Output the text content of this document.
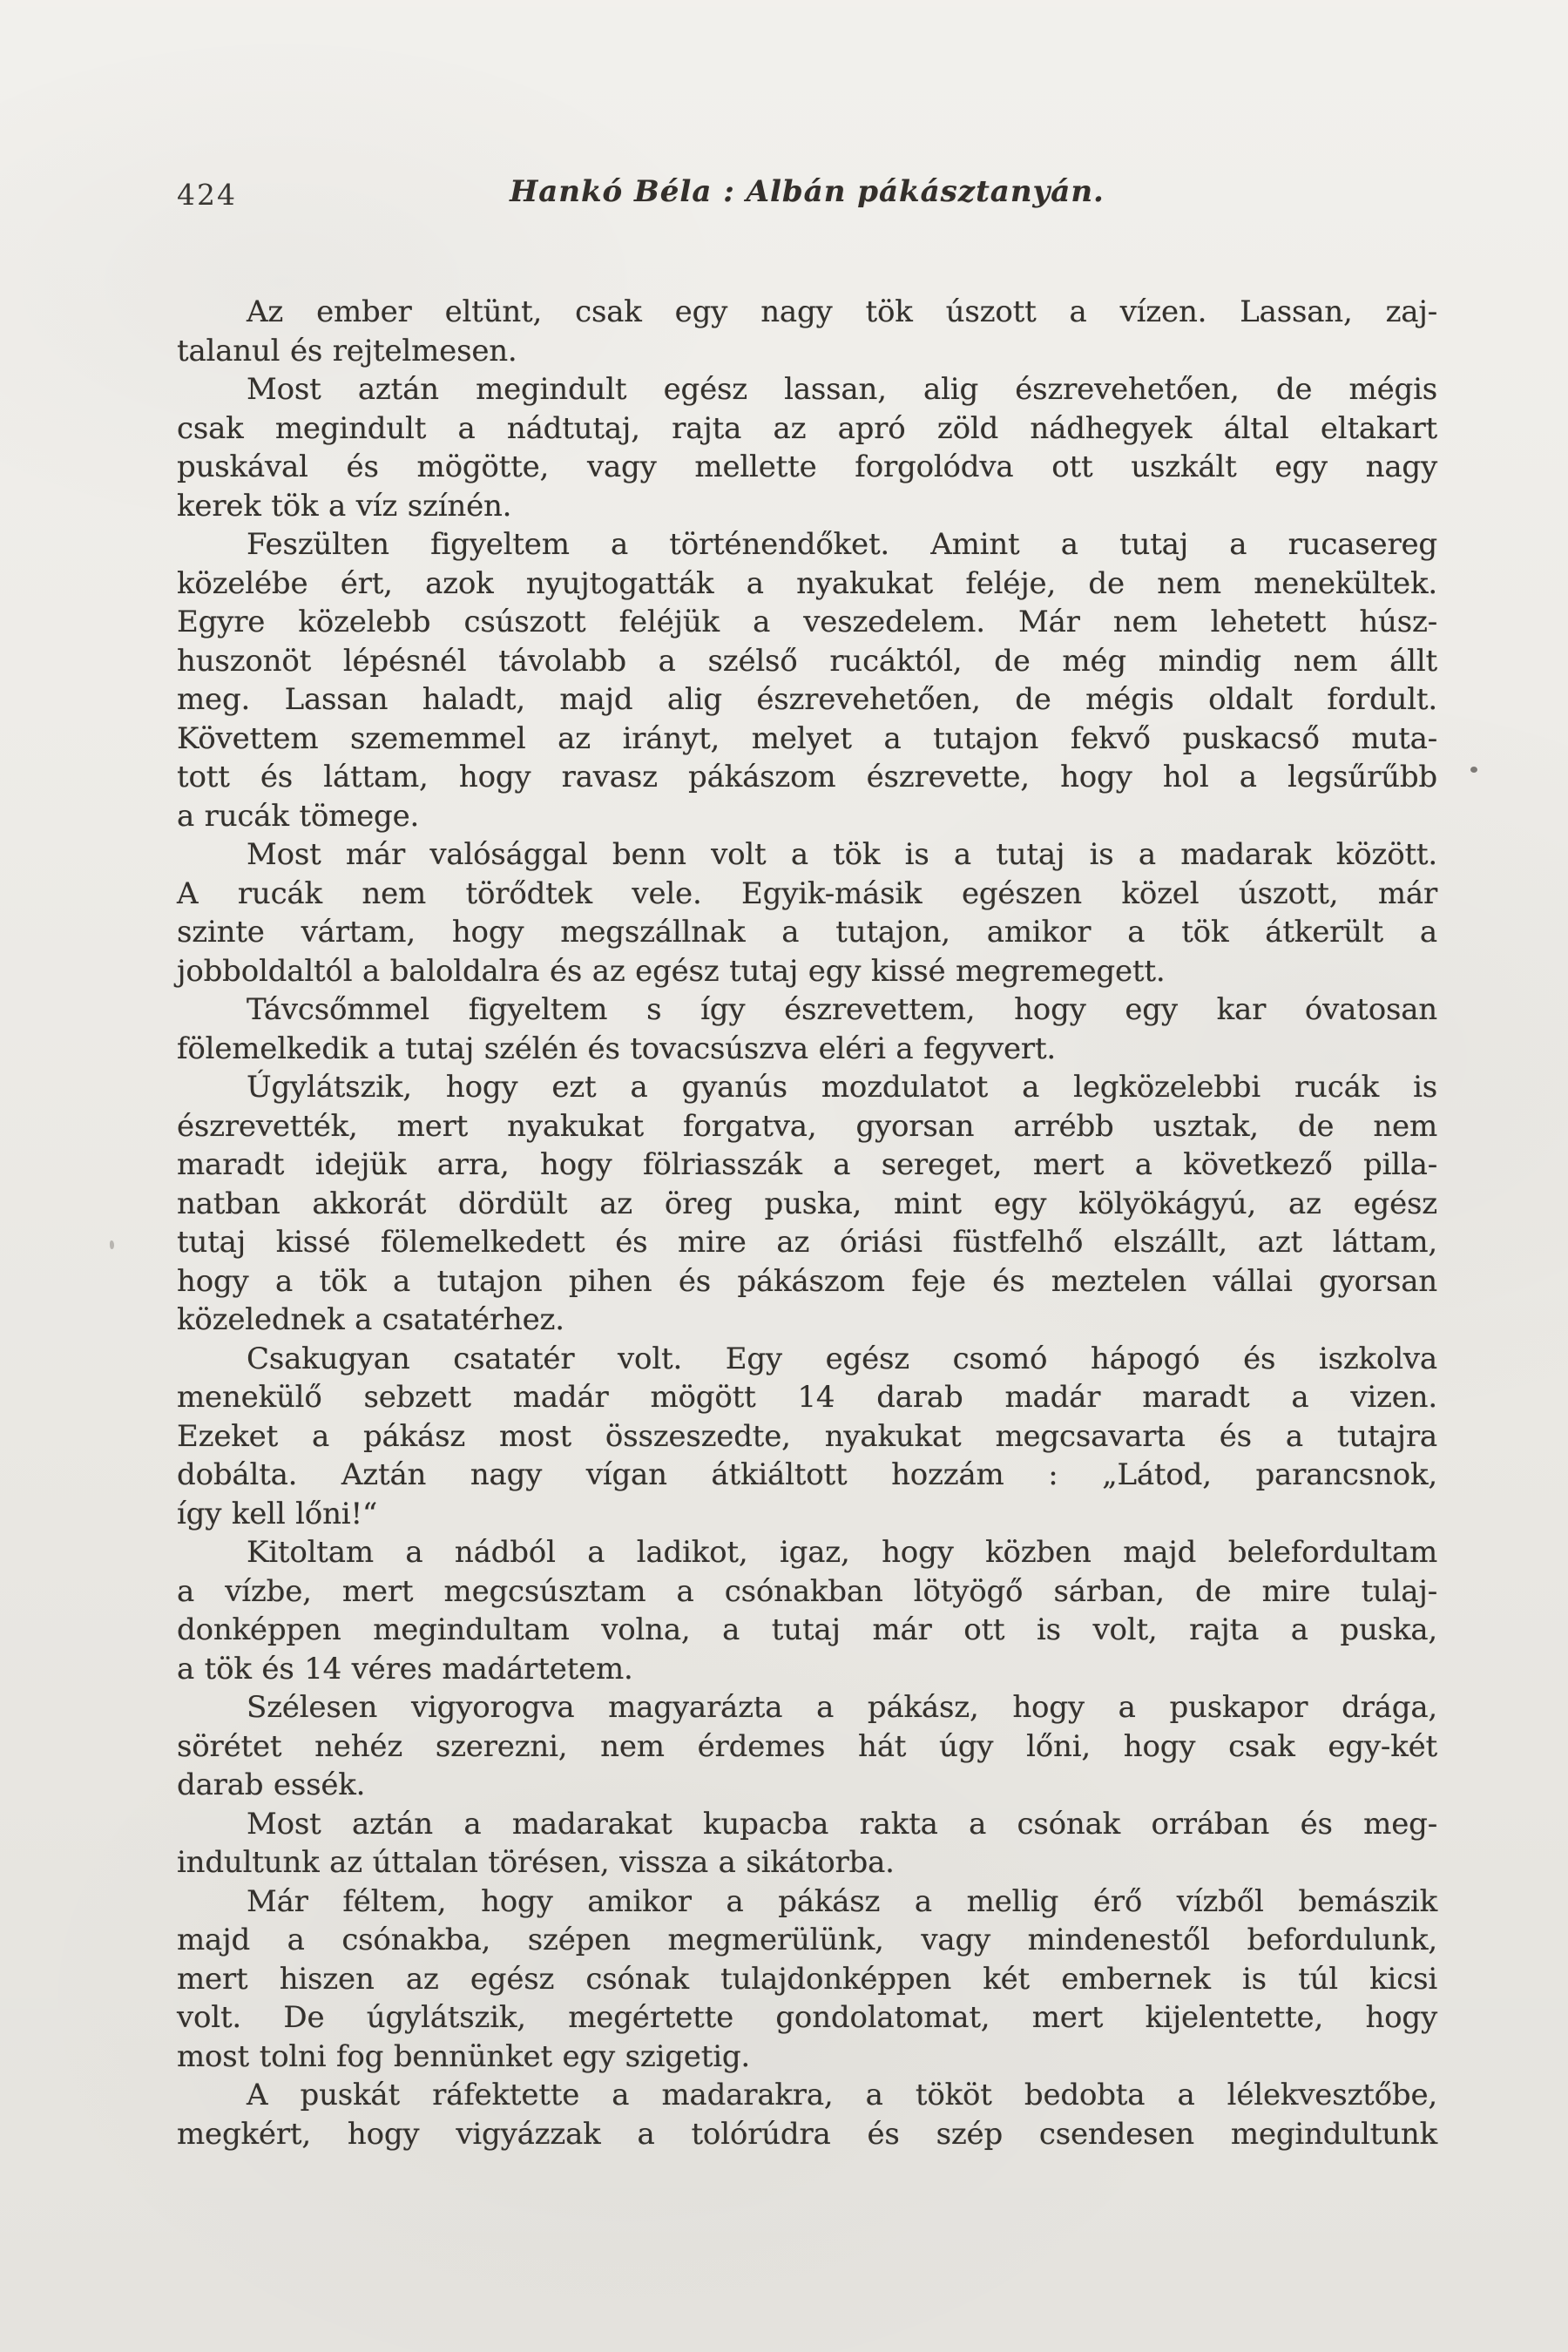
424	Hankó Béla : Albán pákásztanyán.
Az ember eltünt, csak egy nagy tök úszott a vízen. Lassan, zaj-
talanul és rejtelmesen.
Most aztán megindult egész lassan, alig észrevehetően, de mégis
csak megindult a nádtutaj, rajta az apró zöld nádhegyek által eltakart
puskával és mögötte, vagy mellette forgolódva ott uszkált egy nagy
kerek tök a víz színén.
Feszülten figyeltem a történendőket. Amint a tutaj a rucasereg
közelébe ért, azok nyujtogatták a nyakukat feléje, de nem menekültek.
Egyre közelebb csúszott feléjük a veszedelem. Már nem lehetett húsz-
huszonöt lépésnél távolabb a szélső rucáktól, de még mindig nem állt
meg. Lassan haladt, majd alig észrevehetően, de mégis oldalt fordult.
Követtem szememmel az irányt, melyet a tutajon fekvő puskacső muta-
tott és láttam, hogy ravasz pákászom észrevette, hogy hol a legsűrűbb
a rucák tömege.
Most már valósággal benn volt a tök is a tutaj is a madarak között.
A rucák nem törődtek vele. Egyik-másik egészen közel úszott, már
szinte vártam, hogy megszállnak a tutajon, amikor a tök átkerült a
jobboldaltól a baloldalra és az egész tutaj egy kissé megremegett.
Távcsőmmel figyeltem s így észrevettem, hogy egy kar óvatosan
fölemelkedik a tutaj szélén és tovacsúszva eléri a fegyvert.
Úgylátszik, hogy ezt a gyanús mozdulatot a legközelebbi rucák is
észrevették, mert nyakukat forgatva, gyorsan arrébb usztak, de nem
maradt idejük arra, hogy fölriasszák a sereget, mert a következő pilla-
natban akkorát dördült az öreg puska, mint egy kölyökágyú, az egész
tutaj kissé fölemelkedett és mire az óriási füstfelhő elszállt, azt láttam,
hogy a tök a tutajon pihen és pákászom feje és meztelen vállai gyorsan
közelednek a csatatérhez.
Csakugyan csatatér volt. Egy egész csomó hápogó és iszkolva
menekülő sebzett madár mögött 14 darab madár maradt a vizen.
Ezeket a pákász most összeszedte, nyakukat megcsavarta és a tutajra
dobálta. Aztán nagy vígan átkiáltott hozzám : „Látod, parancsnok,
így kell lőni!“
Kitoltam a nádból a ladikot, igaz, hogy közben majd belefordultam
a vízbe, mert megcsúsztam a csónakban lötyögő sárban, de mire tulaj-
donképpen megindultam volna, a tutaj már ott is volt, rajta a puska,
a tök és 14 véres madártetem.
Szélesen vigyorogva magyarázta a pákász, hogy a puskapor drága,
sörétet nehéz szerezni, nem érdemes hát úgy lőni, hogy csak egy-két
darab essék.
Most aztán a madarakat kupacba rakta a csónak orrában és meg-
indultunk az úttalan törésen, vissza a sikátorba.
Már féltem, hogy amikor a pákász a mellig érő vízből bemászik
majd a csónakba, szépen megmerülünk, vagy mindenestől befordulunk,
mert hiszen az egész csónak tulajdonképpen két embernek is túl kicsi
volt. De úgylátszik, megértette gondolatomat, mert kijelentette, hogy
most tolni fog bennünket egy szigetig.
A puskát ráfektette a madarakra, a tököt bedobta a lélekvesztőbe,
megkért, hogy vigyázzak a tolórúdra és szép csendesen megindultunk
